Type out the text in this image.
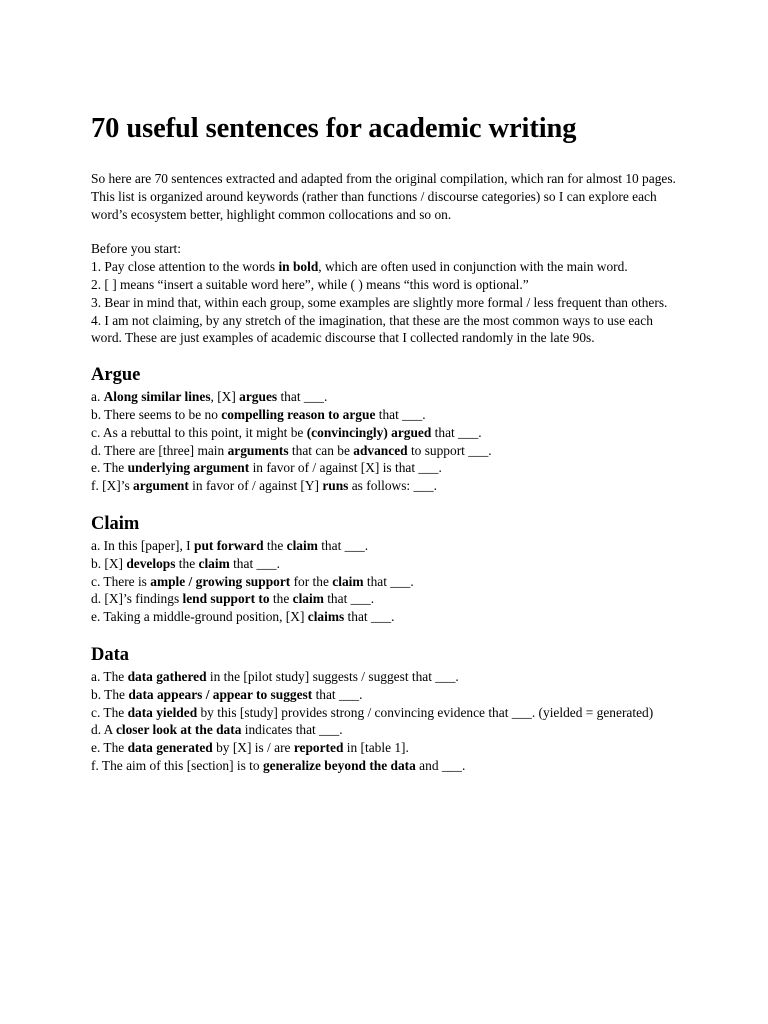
70 useful sentences for academic writing

So here are 70 sentences extracted and adapted from the original compilation, which ran for almost 10 pages. This list is organized around keywords (rather than functions / discourse categories) so I can explore each word’s ecosystem better, highlight common collocations and so on.

Before you start:

1. Pay close attention to the words in bold, which are often used in conjunction with the main word.

2. [ ] means “insert a suitable word here”, while ( ) means “this word is optional.”

3. Bear in mind that, within each group, some examples are slightly more formal / less frequent than others.

4. I am not claiming, by any stretch of the imagination, that these are the most common ways to use each word. These are just examples of academic discourse that I collected randomly in the late 90s.

Argue

a. Along similar lines, [X] argues that ___.

b. There seems to be no compelling reason to argue that ___.

c. As a rebuttal to this point, it might be (convincingly) argued that ___.

d. There are [three] main arguments that can be advanced to support ___.

e. The underlying argument in favor of / against [X] is that ___.

f. [X]’s argument in favor of / against [Y] runs as follows: ___.

Claim

a. In this [paper], I put forward the claim that ___.

b. [X] develops the claim that ___.

c. There is ample / growing support for the claim that ___.

d. [X]’s findings lend support to the claim that ___.

e. Taking a middle-ground position, [X] claims that ___.

Data

a. The data gathered in the [pilot study] suggests / suggest that ___.

b. The data appears / appear to suggest that ___.

c. The data yielded by this [study] provides strong / convincing evidence that ___. (yielded = generated)

d. A closer look at the data indicates that ___.

e. The data generated by [X] is / are reported in [table 1].

f. The aim of this [section] is to generalize beyond the data and ___.
